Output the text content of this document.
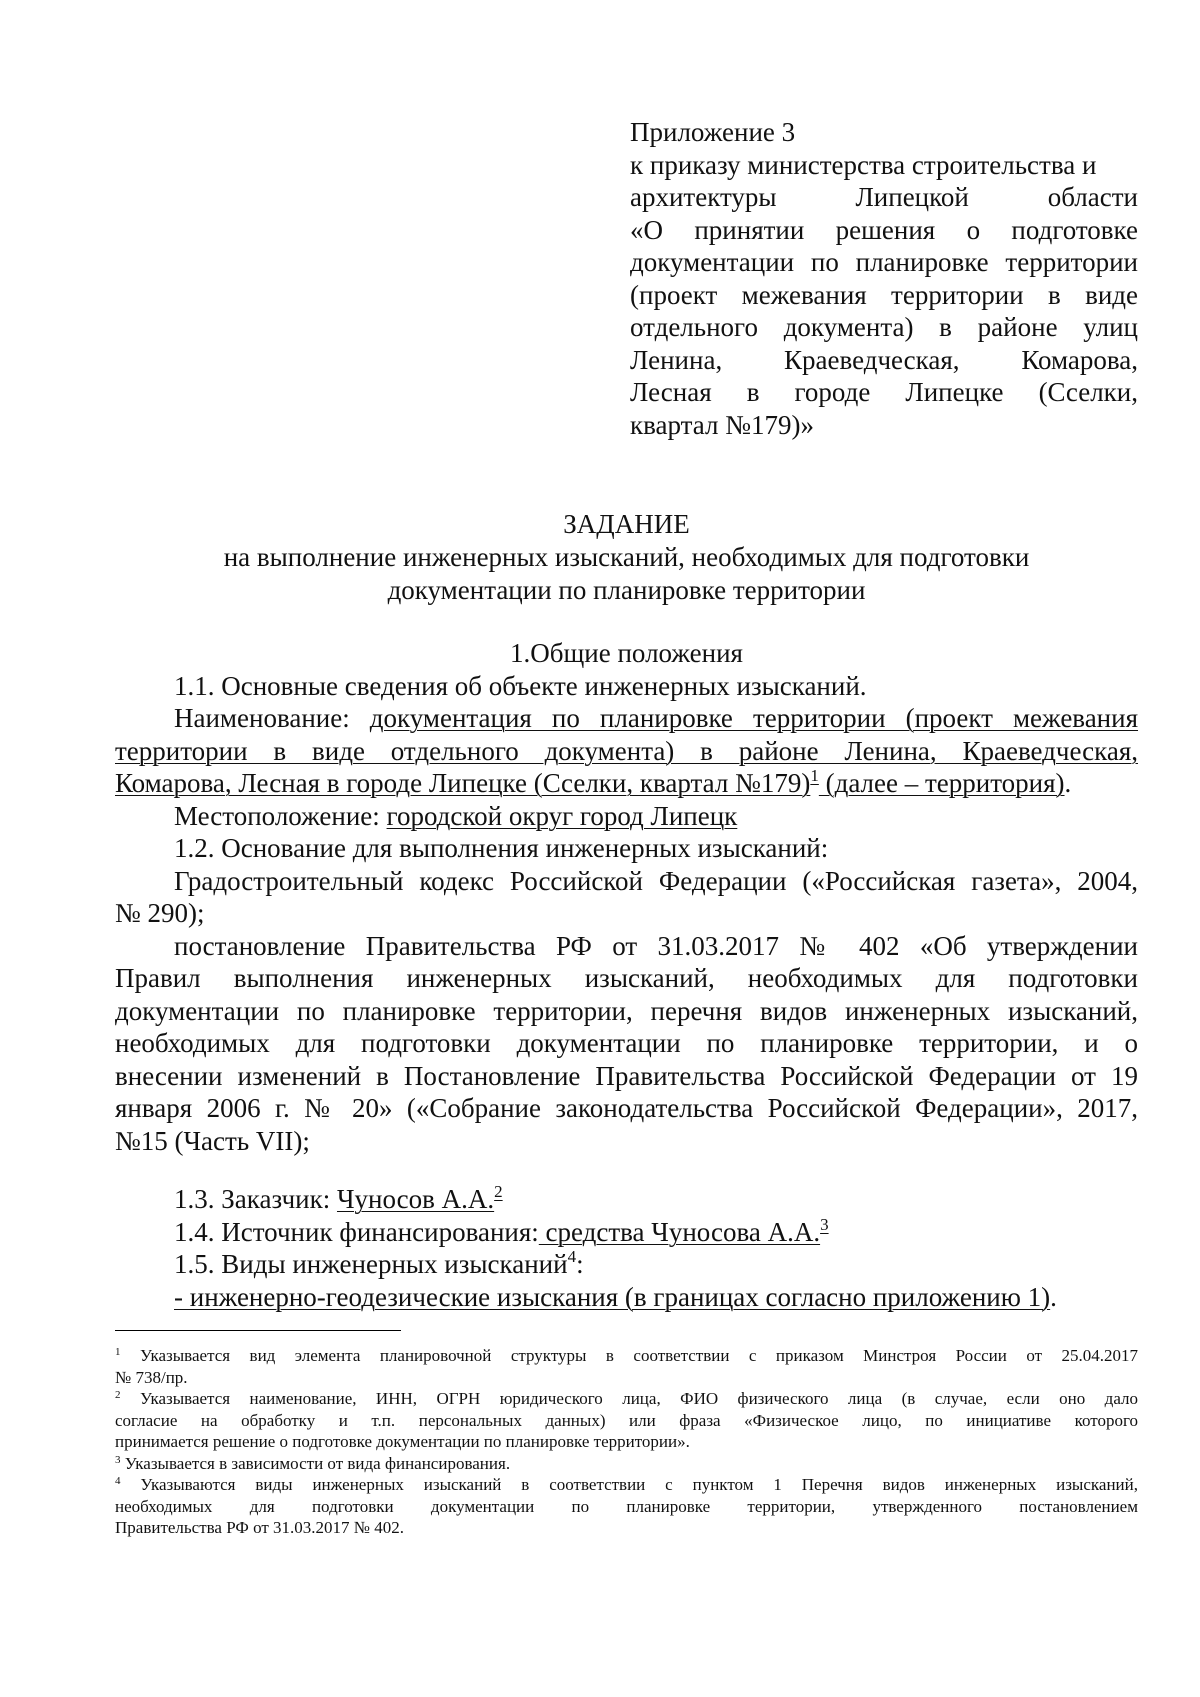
Приложение 3
к приказу министерства строительства и
архитектуры Липецкой области
«О принятии решения о подготовке
документации по планировке территории
(проект межевания территории в виде
отдельного документа) в районе улиц
Ленина, Краеведческая, Комарова,
Лесная в городе Липецке (Сселки,
квартал №179)»
ЗАДАНИЕ
на выполнение инженерных изысканий, необходимых для подготовки
документации по планировке территории
1.Общие положения
1.1. Основные сведения об объекте инженерных изысканий.
Наименование: документация по планировке территории (проект межевания
территории в виде отдельного документа) в районе Ленина, Краеведческая,
Комарова, Лесная в городе Липецке (Сселки, квартал №179)$^1$ (далее – территория).
Местоположение: городской округ город Липецк
1.2. Основание для выполнения инженерных изысканий:
Градостроительный кодекс Российской Федерации («Российская газета», 2004,
№ 290);
постановление Правительства РФ от 31.03.2017 № 402 «Об утверждении
Правил выполнения инженерных изысканий, необходимых для подготовки
документации по планировке территории, перечня видов инженерных изысканий,
необходимых для подготовки документации по планировке территории, и о
внесении изменений в Постановление Правительства Российской Федерации от 19
января 2006 г. № 20» («Собрание законодательства Российской Федерации», 2017,
№15 (Часть VII);
1.3. Заказчик: Чуносов А.А.$^2$
1.4. Источник финансирования: средства Чуносова А.А.$^3$
1.5. Виды инженерных изысканий$^4$:
- инженерно-геодезические изыскания (в границах согласно приложению 1).
$^1$ Указывается вид элемента планировочной структуры в соответствии с приказом Минстроя России от 25.04.2017
№ 738/пр.
$^2$ Указывается наименование, ИНН, ОГРН юридического лица, ФИО физического лица (в случае, если оно дало
согласие на обработку и т.п. персональных данных) или фраза «Физическое лицо, по инициативе которого
принимается решение о подготовке документации по планировке территории».
$^3$ Указывается в зависимости от вида финансирования.
$^4$ Указываются виды инженерных изысканий в соответствии с пунктом 1 Перечня видов инженерных изысканий,
необходимых для подготовки документации по планировке территории, утвержденного постановлением
Правительства РФ от 31.03.2017 № 402.
